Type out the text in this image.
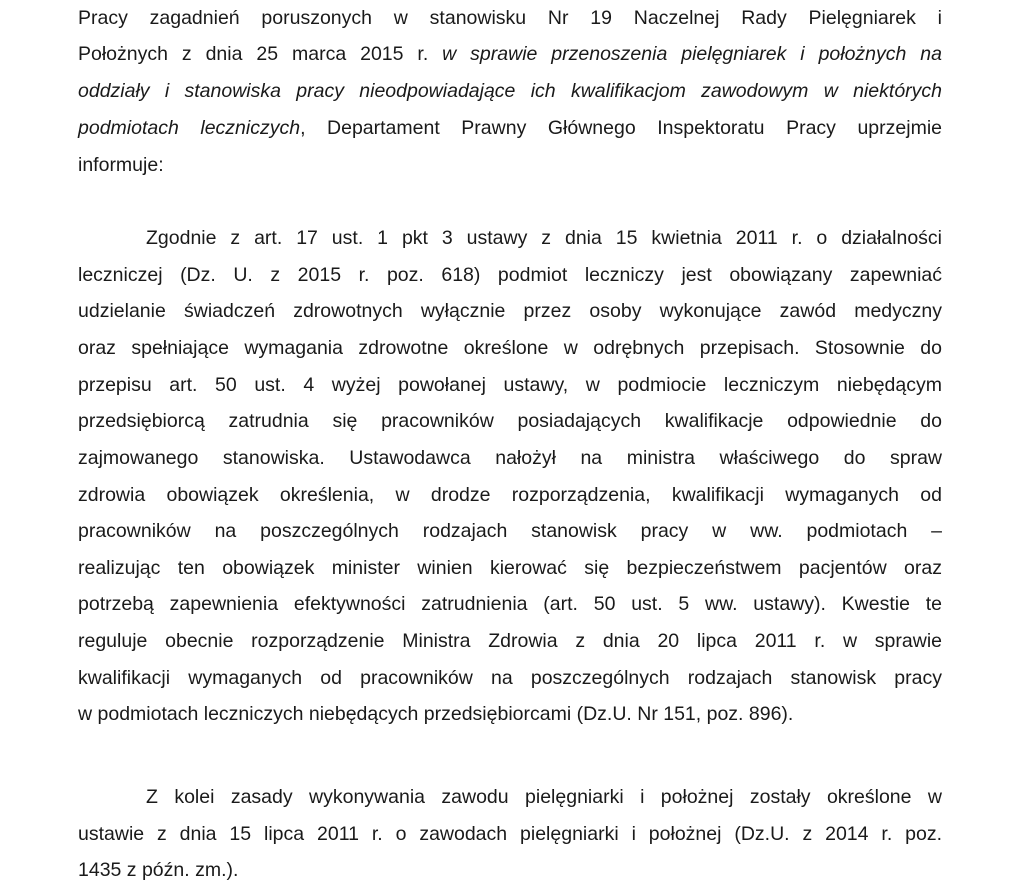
Pracy zagadnień poruszonych w stanowisku Nr 19 Naczelnej Rady Pielęgniarek i
Położnych z dnia 25 marca 2015 r. w sprawie przenoszenia pielęgniarek i położnych na
oddziały i stanowiska pracy nieodpowiadające ich kwalifikacjom zawodowym w niektórych
podmiotach leczniczych, Departament Prawny Głównego Inspektoratu Pracy uprzejmie
informuje:
Zgodnie z art. 17 ust. 1 pkt 3 ustawy z dnia 15 kwietnia 2011 r. o działalności
leczniczej (Dz. U. z 2015 r. poz. 618) podmiot leczniczy jest obowiązany zapewniać
udzielanie świadczeń zdrowotnych wyłącznie przez osoby wykonujące zawód medyczny
oraz spełniające wymagania zdrowotne określone w odrębnych przepisach. Stosownie do
przepisu art. 50 ust. 4 wyżej powołanej ustawy, w podmiocie leczniczym niebędącym
przedsiębiorcą zatrudnia się pracowników posiadających kwalifikacje odpowiednie do
zajmowanego stanowiska. Ustawodawca nałożył na ministra właściwego do spraw
zdrowia obowiązek określenia, w drodze rozporządzenia, kwalifikacji wymaganych od
pracowników na poszczególnych rodzajach stanowisk pracy w ww. podmiotach –
realizując ten obowiązek minister winien kierować się bezpieczeństwem pacjentów oraz
potrzebą zapewnienia efektywności zatrudnienia (art. 50 ust. 5 ww. ustawy). Kwestie te
reguluje obecnie rozporządzenie Ministra Zdrowia z dnia 20 lipca 2011 r. w sprawie
kwalifikacji wymaganych od pracowników na poszczególnych rodzajach stanowisk pracy
w podmiotach leczniczych niebędących przedsiębiorcami (Dz.U. Nr 151, poz. 896).
Z kolei zasady wykonywania zawodu pielęgniarki i położnej zostały określone w
ustawie z dnia 15 lipca 2011 r. o zawodach pielęgniarki i położnej (Dz.U. z 2014 r. poz.
1435 z późn. zm.).
